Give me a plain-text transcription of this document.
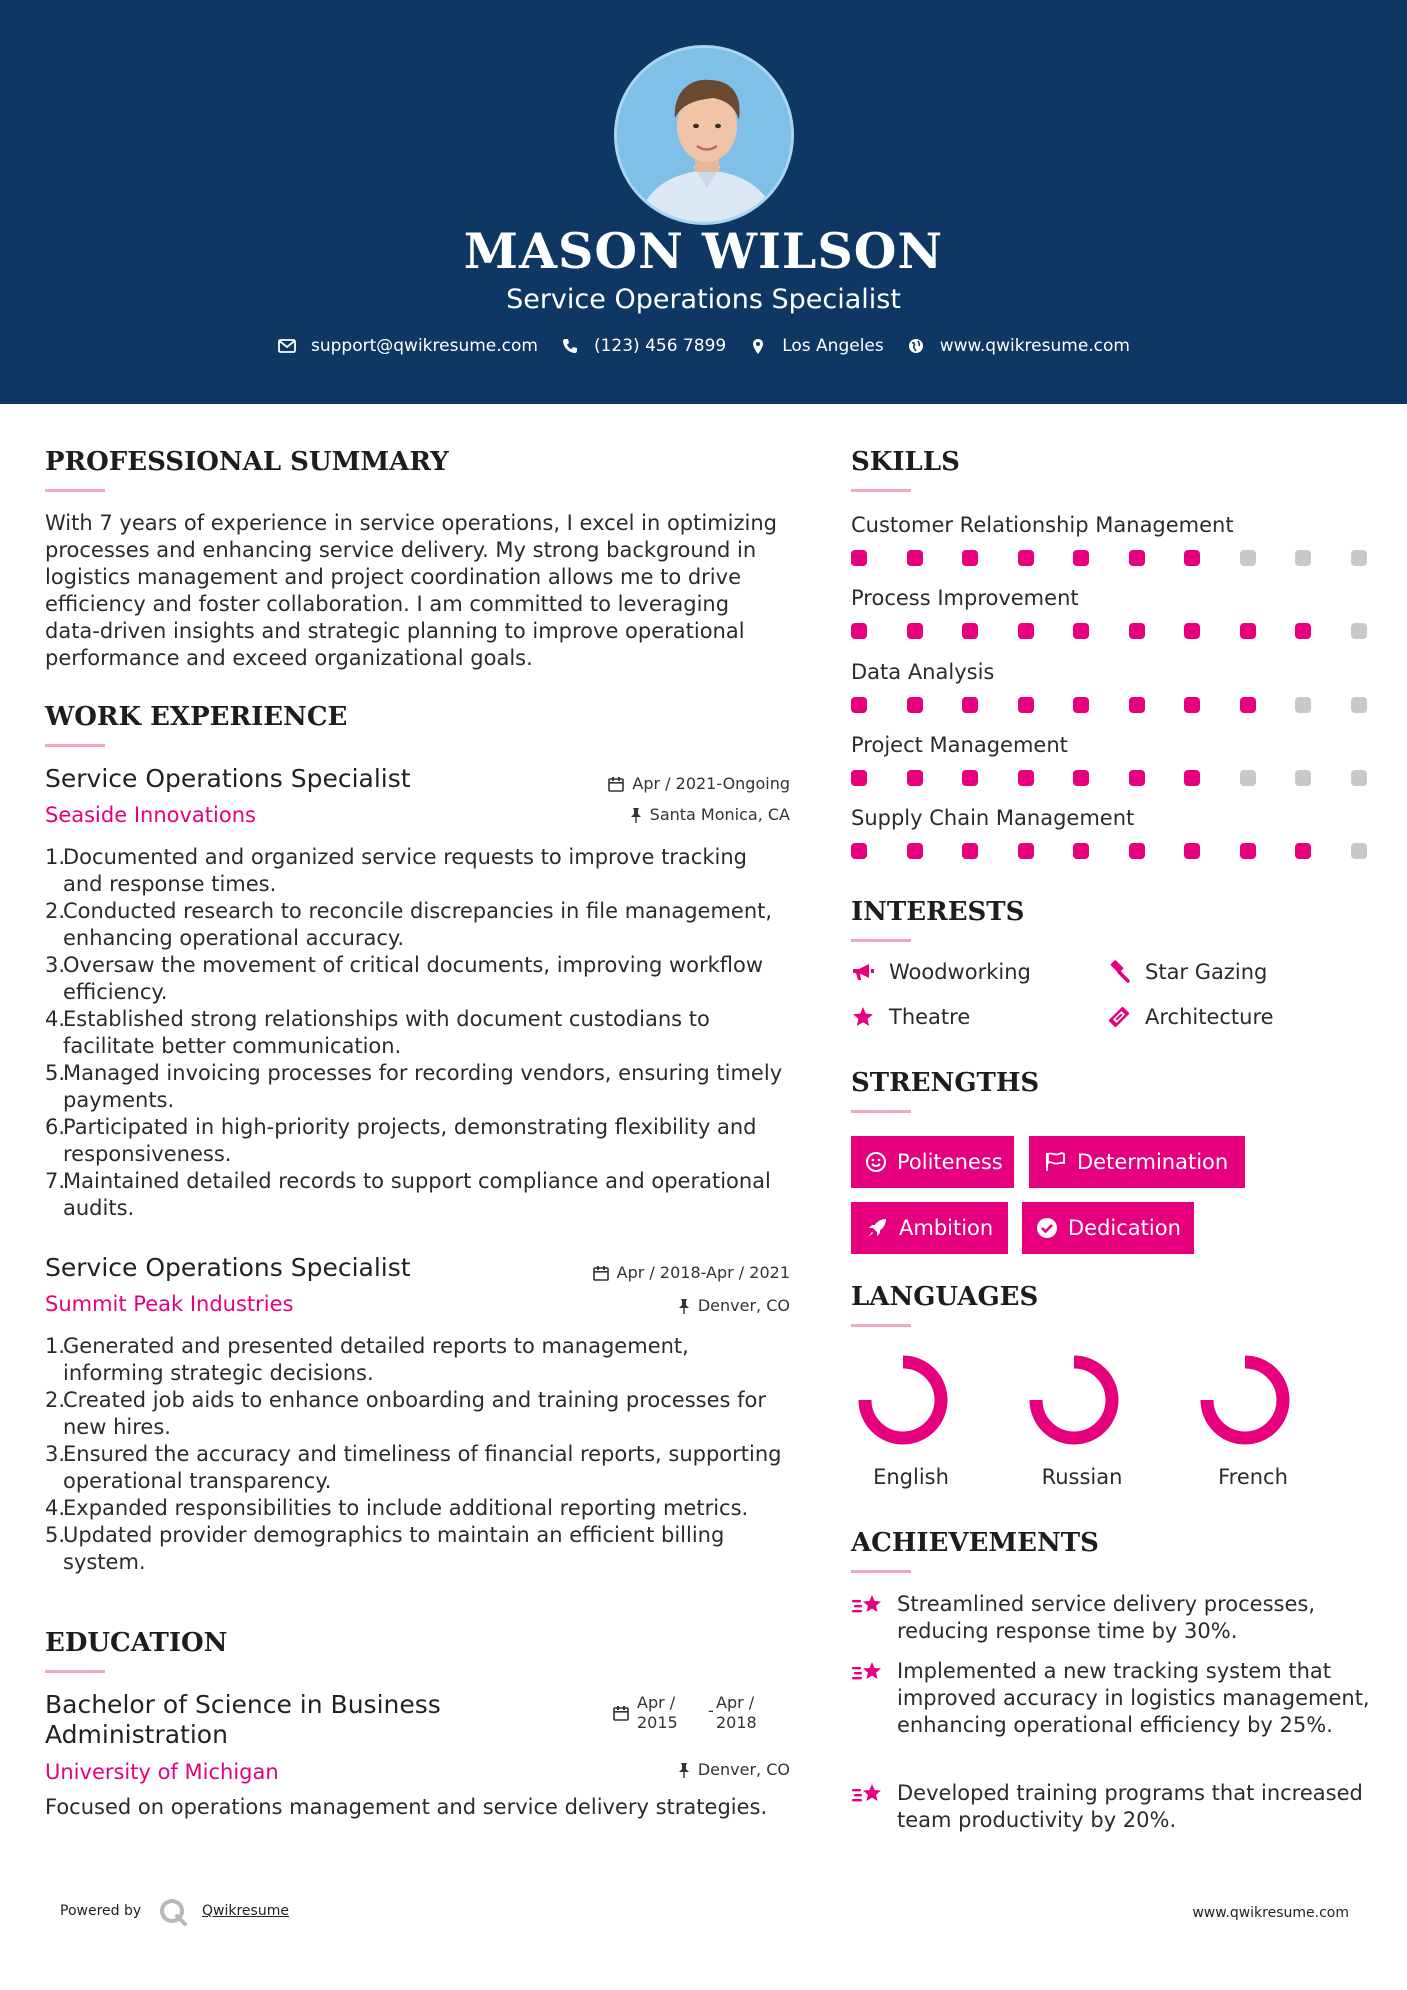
MASON WILSON
Service Operations Specialist
support@qwikresume.com	(123) 456 7899	Los Angeles	www.qwikresume.com
PROFESSIONAL SUMMARY
With 7 years of experience in service operations, I excel in optimizing processes and enhancing service delivery. My strong background in logistics management and project coordination allows me to drive efficiency and foster collaboration. I am committed to leveraging data-driven insights and strategic planning to improve operational performance and exceed organizational goals.
WORK EXPERIENCE
Service Operations Specialist
Seaside Innovations
Apr / 2021-Ongoing
Santa Monica, CA
1.
Documented and organized service requests to improve tracking and response times.
2.
Conducted research to reconcile discrepancies in file management, enhancing operational accuracy.
3.
Oversaw the movement of critical documents, improving workflow efficiency.
4.
Established strong relationships with document custodians to facilitate better communication.
5.
Managed invoicing processes for recording vendors, ensuring timely payments.
6.
Participated in high-priority projects, demonstrating flexibility and responsiveness.
7.
Maintained detailed records to support compliance and operational audits.
Service Operations Specialist
Summit Peak Industries
Apr / 2018-Apr / 2021
Denver, CO
1.
Generated and presented detailed reports to management, informing strategic decisions.
2.
Created job aids to enhance onboarding and training processes for new hires.
3.
Ensured the accuracy and timeliness of financial reports, supporting operational transparency.
4.
Expanded responsibilities to include additional reporting metrics.
5.
Updated provider demographics to maintain an efficient billing system.
EDUCATION
Bachelor of Science in Business Administration
University of Michigan
Apr /
2015
- Apr /
2018
Denver, CO
Focused on operations management and service delivery strategies.
SKILLS
Customer Relationship Management
Process Improvement
Data Analysis
Project Management
Supply Chain Management
INTERESTS
Woodworking	Star Gazing
Theatre	Architecture
STRENGTHS
Politeness	Determination
Ambition	Dedication
LANGUAGES
English	Russian	French
ACHIEVEMENTS
Streamlined service delivery processes, reducing response time by 30%.
Implemented a new tracking system that improved accuracy in logistics management, enhancing operational efficiency by 25%.
Developed training programs that increased team productivity by 20%.
Powered by	Qwikresume	www.qwikresume.com
